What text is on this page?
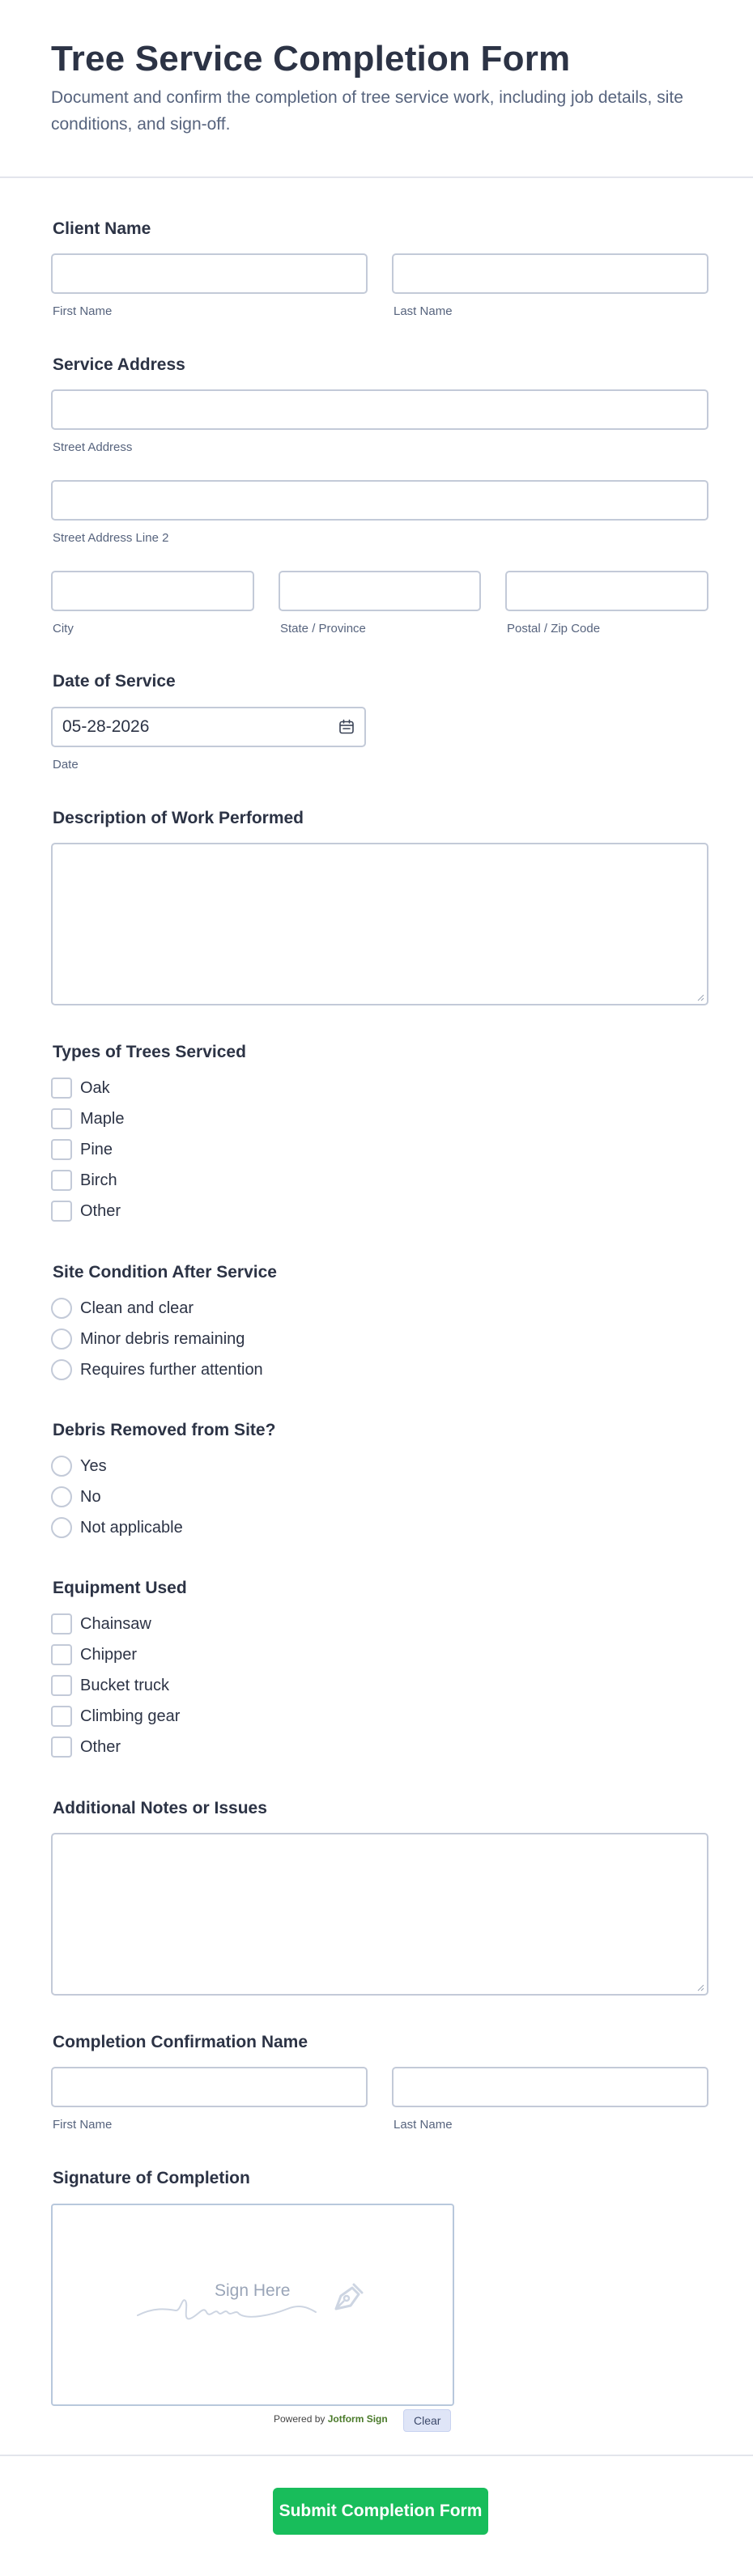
Tree Service Completion Form
Document and confirm the completion of tree service work, including job details, site conditions, and sign-off.
Client Name
First Name	Last Name
Service Address
Street Address
Street Address Line 2
City	State / Province	Postal / Zip Code
Date of Service
05-28-2026
Date
Description of Work Performed
Types of Trees Serviced
Oak
Maple
Pine
Birch
Other
Site Condition After Service
Clean and clear
Minor debris remaining
Requires further attention
Debris Removed from Site?
Yes
No
Not applicable
Equipment Used
Chainsaw
Chipper
Bucket truck
Climbing gear
Other
Additional Notes or Issues
Completion Confirmation Name
First Name	Last Name
Signature of Completion
Sign Here
Powered by Jotform Sign	Clear
Submit Completion Form
